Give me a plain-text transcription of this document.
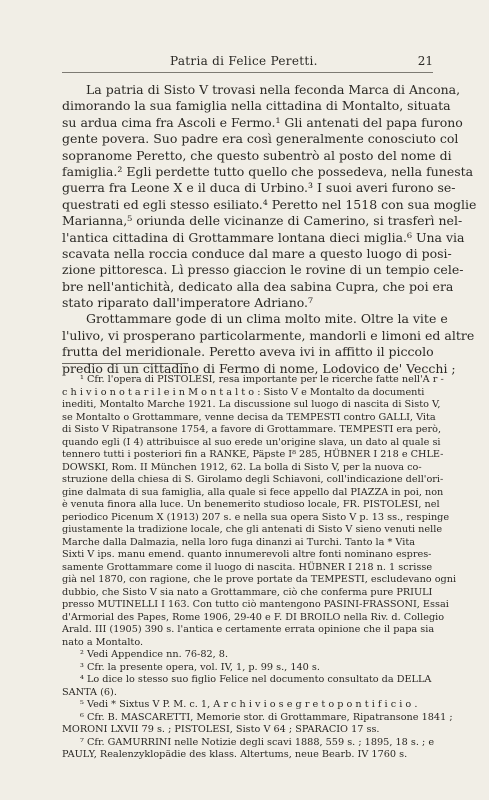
Patria di Felice Peretti.	21
La patria di Sisto V trovasi nella feconda Marca di Ancona,
dimorando la sua famiglia nella cittadina di Montalto, situata
su ardua cima fra Ascoli e Fermo.¹ Gli antenati del papa furono
gente povera. Suo padre era così generalmente conosciuto col
sopranome Peretto, che questo subentrò al posto del nome di
famiglia.² Egli perdette tutto quello che possedeva, nella funesta
guerra fra Leone X e il duca di Urbino.³ I suoi averi furono se-
questrati ed egli stesso esiliato.⁴ Peretto nel 1518 con sua moglie
Marianna,⁵ oriunda delle vicinanze di Camerino, si trasferì nel-
l'antica cittadina di Grottammare lontana dieci miglia.⁶ Una via
scavata nella roccia conduce dal mare a questo luogo di posi-
zione pittoresca. Lì presso giaccion le rovine di un tempio cele-
bre nell'antichità, dedicato alla dea sabina Cupra, che poi era
stato riparato dall'imperatore Adriano.⁷
Grottammare gode di un clima molto mite. Oltre la vite e
l'ulivo, vi prosperano particolarmente, mandorli e limoni ed altre
frutta del meridionale. Peretto aveva ivi in affitto il piccolo
predio di un cittadino di Fermo di nome, Lodovico de' Vecchi ;
¹ Cfr. l'opera di PISTOLESI, resa importante per le ricerche fatte nell'A r -
c h i v i o n o t a r i l e i n M o n t a l t o : Sisto V e Montalto da documenti
inediti, Montalto Marche 1921. La discussione sul luogo di nascita di Sisto V,
se Montalto o Grottammare, venne decisa da TEMPESTI contro GALLI, Vita
di Sisto V Ripatransone 1754, a favore di Grottammare. TEMPESTI era però,
quando egli (I 4) attribuisce al suo erede un'origine slava, un dato al quale si
tennero tutti i posteriori fin a RANKE, Päpste I⁸ 285, HÜBNER I 218 e CHLE-
DOWSKI, Rom. II München 1912, 62. La bolla di Sisto V, per la nuova co-
struzione della chiesa di S. Girolamo degli Schiavoni, coll'indicazione dell'ori-
gine dalmata di sua famiglia, alla quale si fece appello dal PIAZZA in poi, non
è venuta finora alla luce. Un benemerito studioso locale, FR. PISTOLESI, nel
periodico Picenum X (1913) 207 s. e nella sua opera Sisto V p. 13 ss., respinge
giustamente la tradizione locale, che gli antenati di Sisto V sieno venuti nelle
Marche dalla Dalmazia, nella loro fuga dinanzi ai Turchi. Tanto la * Vita
Sixti V ips. manu emend. quanto innumerevoli altre fonti nominano espres-
samente Grottammare come il luogo di nascita. HÜBNER I 218 n. 1 scrisse
già nel 1870, con ragione, che le prove portate da TEMPESTI, escludevano ogni
dubbio, che Sisto V sia nato a Grottammare, ciò che conferma pure PRIULI
presso MUTINELLI I 163. Con tutto ciò mantengono PASINI-FRASSONI, Essai
d'Armorial des Papes, Rome 1906, 29-40 e F. DI BROILO nella Riv. d. Collegio
Arald. III (1905) 390 s. l'antica e certamente errata opinione che il papa sia
nato a Montalto.
² Vedi Appendice nn. 76-82, 8.
³ Cfr. la presente opera, vol. IV, 1, p. 99 s., 140 s.
⁴ Lo dice lo stesso suo figlio Felice nel documento consultato da DELLA
SANTA (6).
⁵ Vedi * Sixtus V P. M. c. 1, A r c h i v i o s e g r e t o p o n t i f i c i o .
⁶ Cfr. B. MASCARETTI, Memorie stor. di Grottammare, Ripatransone 1841 ;
MORONI LXVII 79 s. ; PISTOLESI, Sisto V 64 ; SPARACIO 17 ss.
⁷ Cfr. GAMURRINI nelle Notizie degli scavi 1888, 559 s. ; 1895, 18 s. ; e
PAULY, Realenzyklopädie des klass. Altertums, neue Bearb. IV 1760 s.
